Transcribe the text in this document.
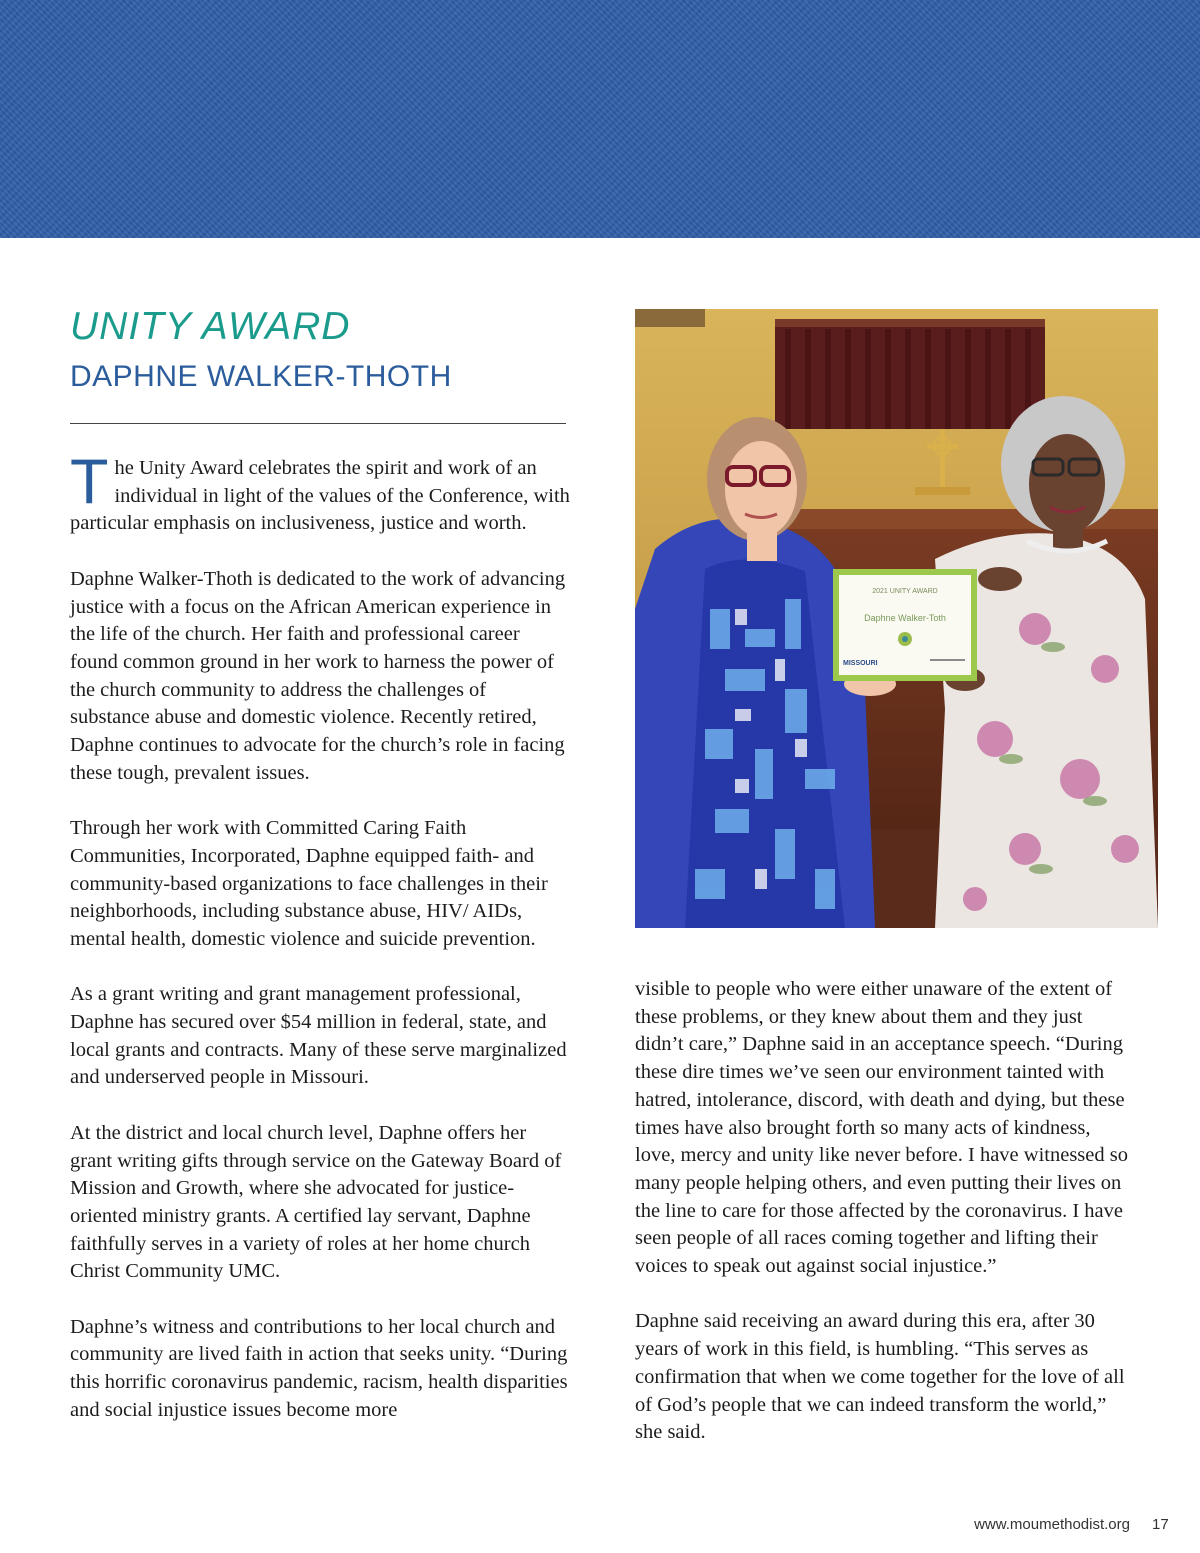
UNITY AWARD
DAPHNE WALKER-THOTH

The Unity Award celebrates the spirit and work of an individual in light of the values of the Conference, with particular emphasis on inclusiveness, justice and worth.

Daphne Walker-Thoth is dedicated to the work of advancing justice with a focus on the African American experience in the life of the church. Her faith and professional career found common ground in her work to harness the power of the church community to address the challenges of substance abuse and domestic violence. Recently retired, Daphne continues to advocate for the church’s role in facing these tough, prevalent issues.

Through her work with Committed Caring Faith Communities, Incorporated, Daphne equipped faith- and community-based organizations to face challenges in their neighborhoods, including substance abuse, HIV/ AIDs, mental health, domestic violence and suicide prevention.

As a grant writing and grant management professional, Daphne has secured over $54 million in federal, state, and local grants and contracts. Many of these serve marginalized and underserved people in Missouri.

At the district and local church level, Daphne offers her grant writing gifts through service on the Gateway Board of Mission and Growth, where she advocated for justice-oriented ministry grants. A certified lay servant, Daphne faithfully serves in a variety of roles at her home church Christ Community UMC.

Daphne’s witness and contributions to her local church and community are lived faith in action that seeks unity. “During this horrific coronavirus pandemic, racism, health disparities and social injustice issues become more

2021 UNITY AWARD
Daphne Walker-Toth
MISSOURI

visible to people who were either unaware of the extent of these problems, or they knew about them and they just didn’t care,” Daphne said in an acceptance speech. “During these dire times we’ve seen our environment tainted with hatred, intolerance, discord, with death and dying, but these times have also brought forth so many acts of kindness, love, mercy and unity like never before. I have witnessed so many people helping others, and even putting their lives on the line to care for those affected by the coronavirus. I have seen people of all races coming together and lifting their voices to speak out against social injustice.”

Daphne said receiving an award during this era, after 30 years of work in this field, is humbling. “This serves as confirmation that when we come together for the love of all of God’s people that we can indeed transform the world,” she said.

www.moumethodist.org 17
